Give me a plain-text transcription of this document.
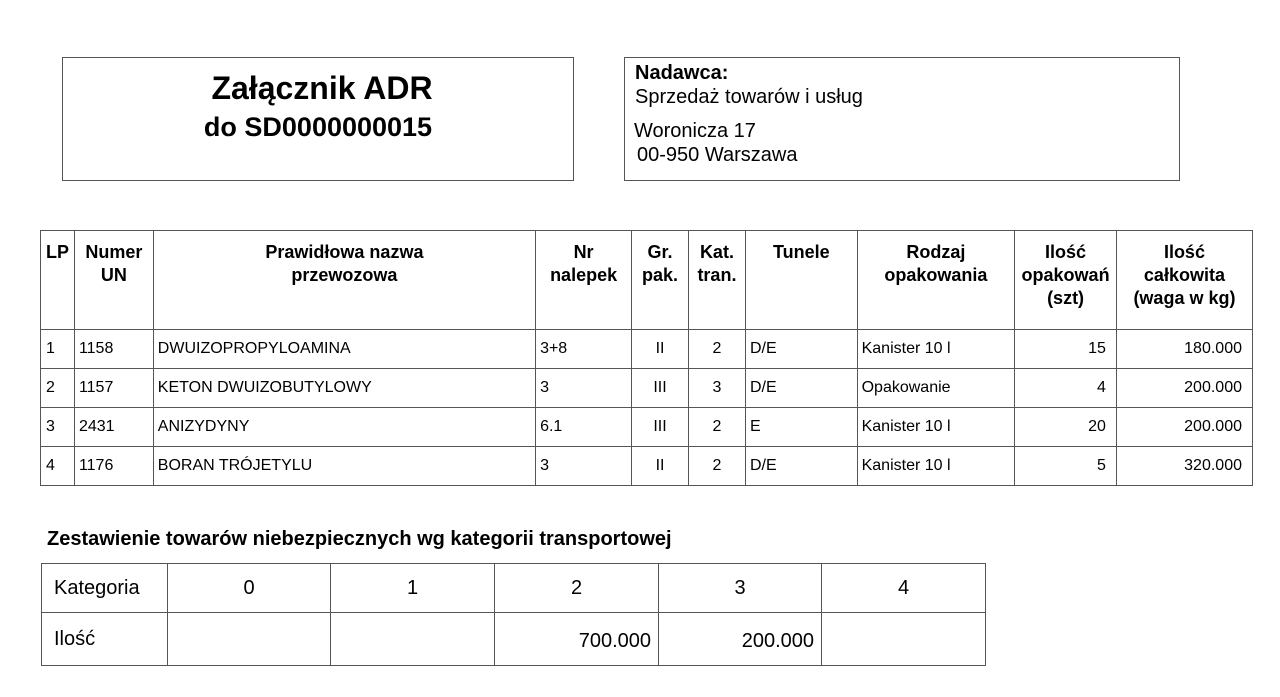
Załącznik ADR
do SD0000000015
Nadawca:
Sprzedaż towarów i usług
Woronicza 17
00-950 Warszawa
LP	Numer UN	Prawidłowa nazwa przewozowa	Nr nalepek	Gr. pak.	Kat. tran.	Tunele	Rodzaj opakowania	Ilość opakowań (szt)	Ilość całkowita (waga w kg)
1	1158	DWUIZOPROPYLOAMINA	3+8	II	2	D/E	Kanister 10 l	15	180.000
2	1157	KETON DWUIZOBUTYLOWY	3	III	3	D/E	Opakowanie	4	200.000
3	2431	ANIZYDYNY	6.1	III	2	E	Kanister 10 l	20	200.000
4	1176	BORAN TRÓJETYLU	3	II	2	D/E	Kanister 10 l	5	320.000
Zestawienie towarów niebezpiecznych wg kategorii transportowej
Kategoria	0	1	2	3	4
Ilość			700.000	200.000	
